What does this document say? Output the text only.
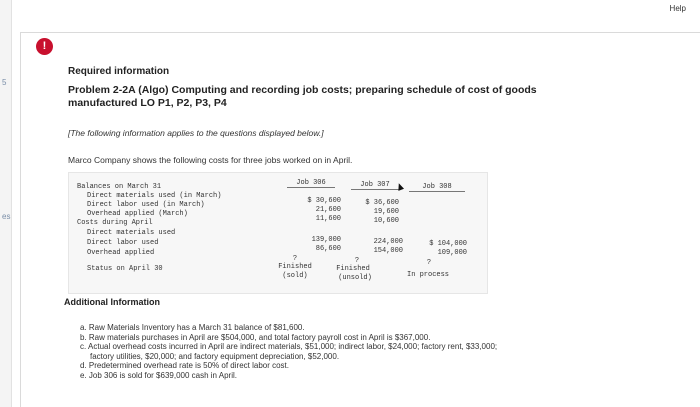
5
es
Help
!
Required information
Problem 2-2A (Algo) Computing and recording job costs; preparing schedule of cost of goods manufactured LO P1, P2, P3, P4
[The following information applies to the questions displayed below.]
Marco Company shows the following costs for three jobs worked on in April.
Job 306	Job 307	Job 308
Balances on March 31
Direct materials used (in March)
Direct labor used (in March)
Overhead applied (March)
Costs during April
Direct materials used
Direct labor used
Overhead applied
Status on April 30
$ 30,600
21,600
11,600
139,000
86,600
?
Finished
(sold)
$ 36,600
19,600
10,600
224,000
154,000
?
Finished
(unsold)
$ 104,000
109,000
?
In process
Additional Information
a. Raw Materials Inventory has a March 31 balance of $81,600.
b. Raw materials purchases in April are $504,000, and total factory payroll cost in April is $367,000.
c. Actual overhead costs incurred in April are indirect materials, $51,000; indirect labor, $24,000; factory rent, $33,000;
factory utilities, $20,000; and factory equipment depreciation, $52,000.
d. Predetermined overhead rate is 50% of direct labor cost.
e. Job 306 is sold for $639,000 cash in April.
